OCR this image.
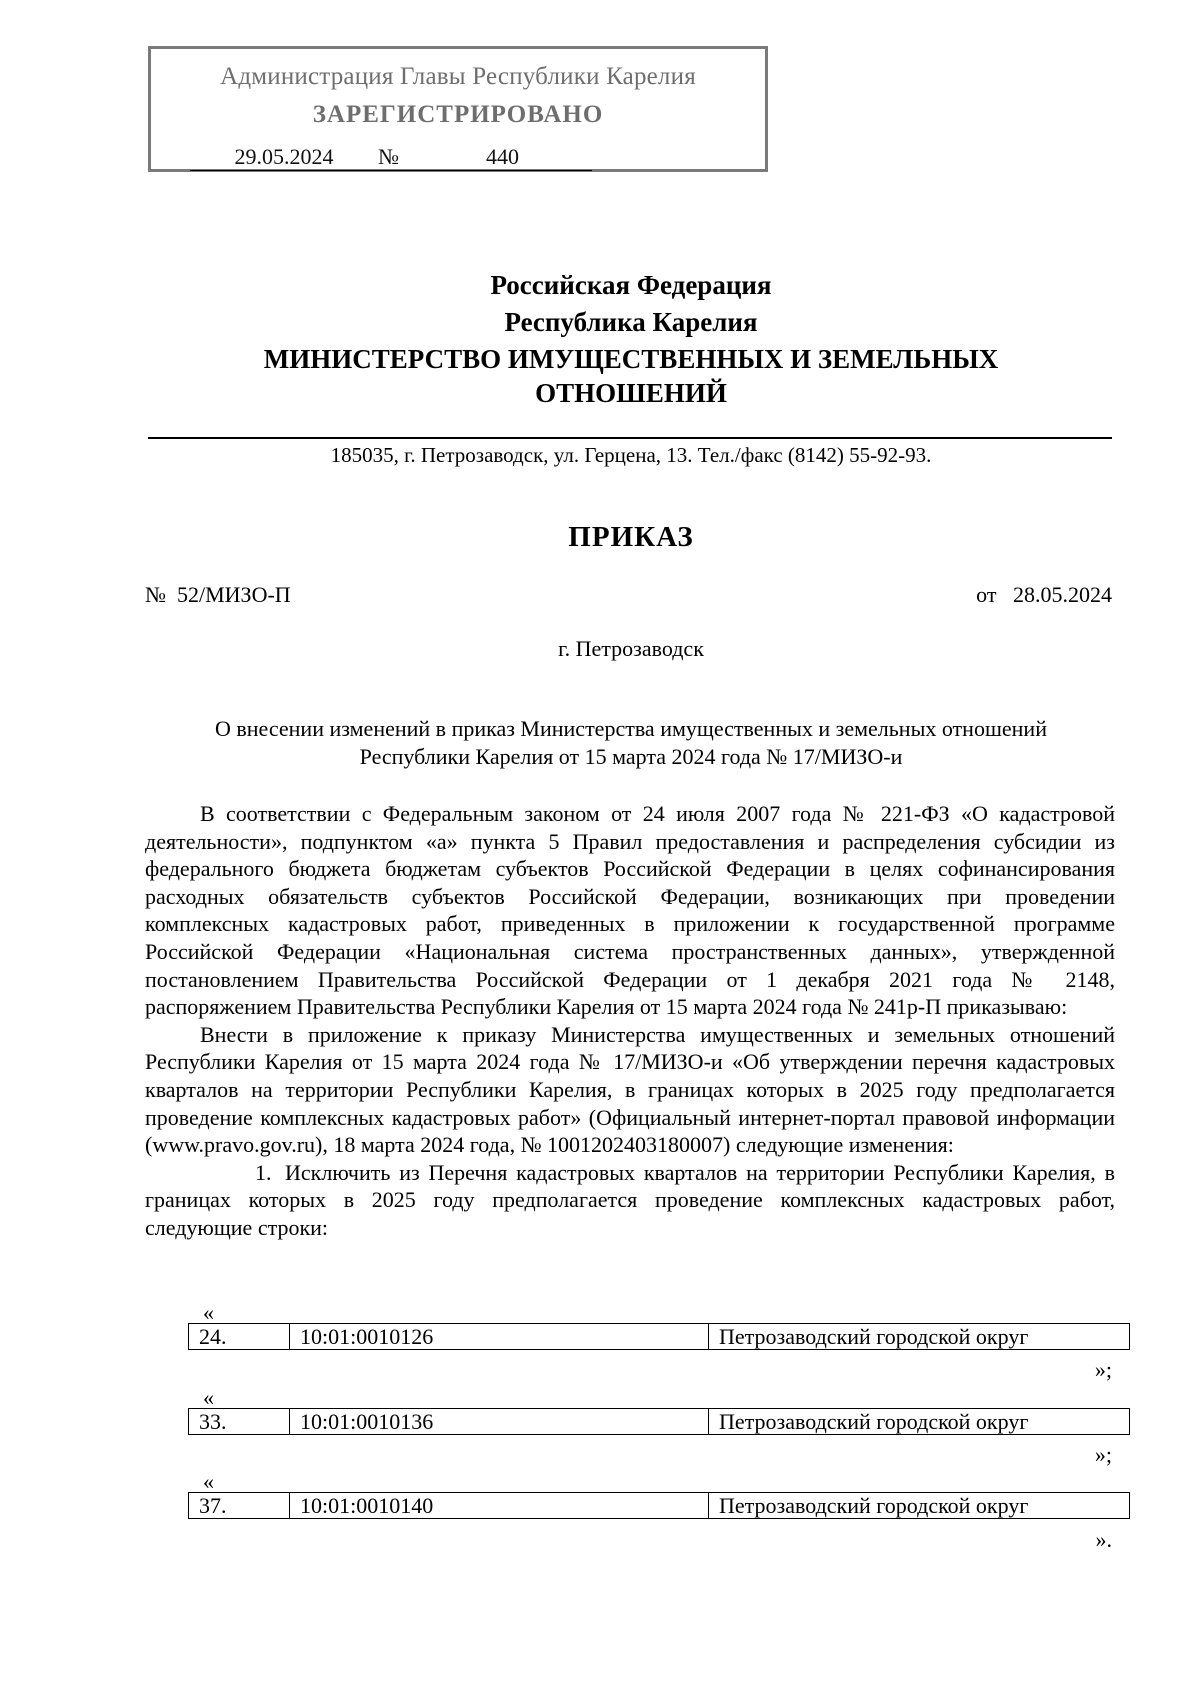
Администрация Главы Республики Карелия
ЗАРЕГИСТРИРОВАНО
29.05.2024 №	440
Российская Федерация
Республика Карелия
МИНИСТЕРСТВО ИМУЩЕСТВЕННЫХ И ЗЕМЕЛЬНЫХ
ОТНОШЕНИЙ
185035, г. Петрозаводск, ул. Герцена, 13. Тел./факс (8142) 55-92-93.
ПРИКАЗ
№  52/МИЗО-П	от   28.05.2024
г. Петрозаводск
О внесении изменений в приказ Министерства имущественных и земельных отношений
Республики Карелия от 15 марта 2024 года № 17/МИЗО-и

В соответствии с Федеральным законом от 24 июля 2007 года № 221-ФЗ «О кадастровой деятельности», подпунктом «а» пункта 5 Правил предоставления и распределения субсидии из федерального бюджета бюджетам субъектов Российской Федерации в целях софинансирования расходных обязательств субъектов Российской Федерации, возникающих при проведении комплексных кадастровых работ, приведенных в приложении к государственной программе Российской Федерации «Национальная система пространственных данных», утвержденной постановлением Правительства Российской Федерации от 1 декабря 2021 года № 2148, распоряжением Правительства Республики Карелия от 15 марта 2024 года № 241р-П приказываю:

Внести в приложение к приказу Министерства имущественных и земельных отношений Республики Карелия от 15 марта 2024 года № 17/МИЗО-и «Об утверждении перечня кадастровых кварталов на территории Республики Карелия, в границах которых в 2025 году предполагается проведение комплексных кадастровых работ» (Официальный интернет-портал правовой информации (www.pravo.gov.ru), 18 марта 2024 года, № 1001202403180007) следующие изменения:

1. Исключить из Перечня кадастровых кварталов на территории Республики Карелия, в границах которых в 2025 году предполагается проведение комплексных кадастровых работ, следующие строки:

«
24.	10:01:0010126	Петрозаводский городской округ
»;
«
33.	10:01:0010136	Петрозаводский городской округ
»;
«
37.	10:01:0010140	Петрозаводский городской округ
».
